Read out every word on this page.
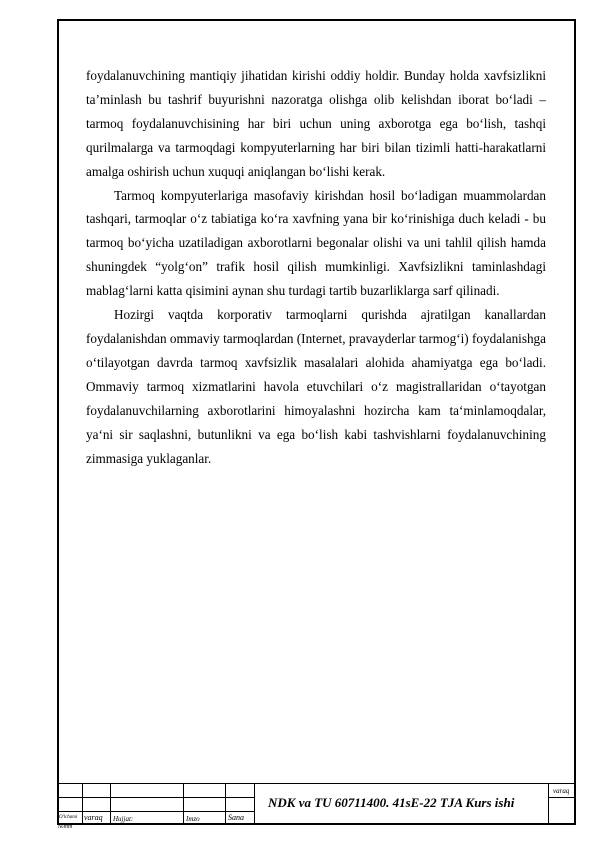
foydalanuvchining mantiqiy jihatidan kirishi oddiy holdir. Bunday holda xavfsizlikni ta’minlash bu tashrif buyurishni nazoratga olishga olib kelishdan iborat bo‘ladi – tarmoq foydalanuvchisining har biri uchun uning axborotga ega bo‘lish, tashqi qurilmalarga va tarmoqdagi kompyuterlarning har biri bilan tizimli hatti-harakatlarni amalga oshirish uchun xuquqi aniqlangan bo‘lishi kerak.

Tarmoq kompyuterlariga masofaviy kirishdan hosil bo‘ladigan muammolardan tashqari, tarmoqlar o‘z tabiatiga ko‘ra xavfning yana bir ko‘rinishiga duch keladi - bu tarmoq bo‘yicha uzatiladigan axborotlarni begonalar olishi va uni tahlil qilish hamda shuningdek “yolg‘on” trafik hosil qilish mumkinligi. Xavfsizlikni taminlashdagi mablag‘larni katta qisimini aynan shu turdagi tartib buzarliklarga sarf qilinadi.

Hozirgi vaqtda korporativ tarmoqlarni qurishda ajratilgan kanallardan foydalanishdan ommaviy tarmoqlardan (Internet, pravayderlar tarmog‘i) foydalanishga o‘tilayotgan davrda tarmoq xavfsizlik masalalari alohida ahamiyatga ega bo‘ladi. Ommaviy tarmoq xizmatlarini havola etuvchilari o‘z magistrallaridan o‘tayotgan foydalanuvchilarning axborotlarini himoyalashni hozircha kam ta‘minlamoqdalar, ya‘ni sir saqlashni, butunlikni va ega bo‘lish kabi tashvishlarni foydalanuvchining zimmasiga yuklaganlar.

O'lchami varaq Hujjat:	Imzo	Sana
№mm
varaq
NDK va TU 60711400. 41sE-22 TJA Kurs ishi
